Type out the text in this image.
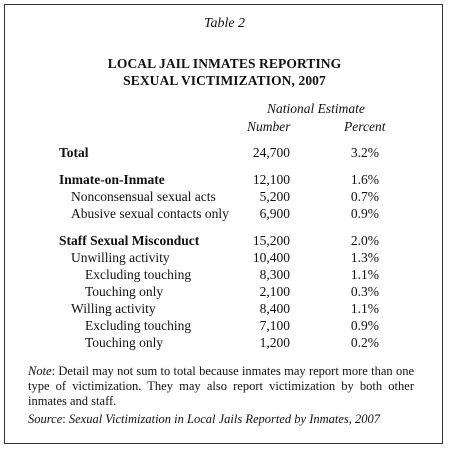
Table 2
LOCAL JAIL INMATES REPORTING
SEXUAL VICTIMIZATION, 2007
National Estimate
Number	Percent
Total	24,700	3.2%
Inmate-on-Inmate	12,100	1.6%
Nonconsensual sexual acts	5,200	0.7%
Abusive sexual contacts only 6,900	0.9%
Staff Sexual Misconduct	15,200	2.0%
Unwilling activity	10,400	1.3%
Excluding touching	8,300	1.1%
Touching only	2,100	0.3%
Willing activity	8,400	1.1%
Excluding touching	7,100	0.9%
Touching only	1,200	0.2%
Note: Detail may not sum to total because inmates may report more than one type of victimization. They may also report victimization by both other inmates and staff.
Source: Sexual Victimization in Local Jails Reported by Inmates, 2007
